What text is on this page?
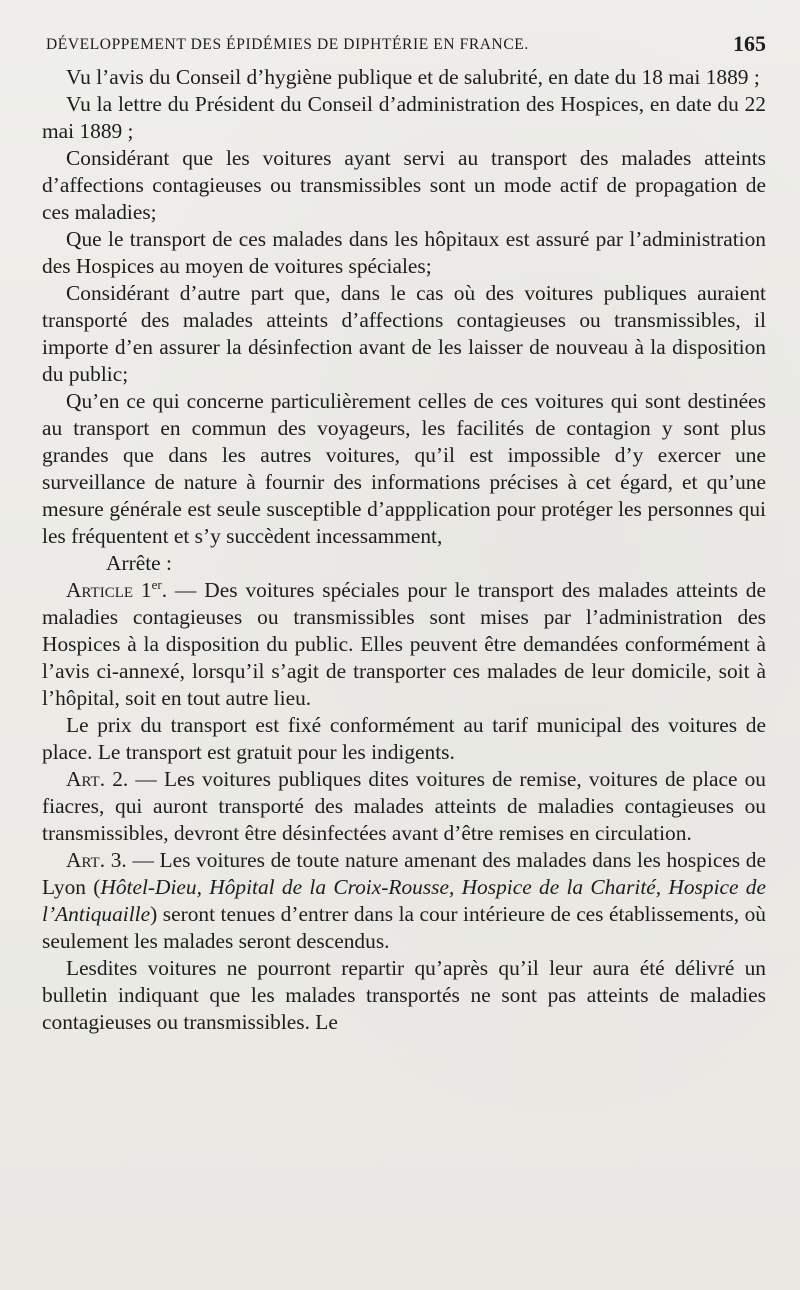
DÉVELOPPEMENT DES ÉPIDÉMIES DE DIPHTÉRIE EN FRANCE.	165

Vu l’avis du Conseil d’hygiène publique et de salubrité, en date du 18 mai 1889 ;

Vu la lettre du Président du Conseil d’administration des Hospices, en date du 22 mai 1889 ;

Considérant que les voitures ayant servi au transport des malades atteints d’affections contagieuses ou transmissibles sont un mode actif de propagation de ces maladies;

Que le transport de ces malades dans les hôpitaux est assuré par l’administration des Hospices au moyen de voitures spéciales;

Considérant d’autre part que, dans le cas où des voitures publiques auraient transporté des malades atteints d’affections contagieuses ou transmissibles, il importe d’en assurer la désinfection avant de les laisser de nouveau à la disposition du public;

Qu’en ce qui concerne particulièrement celles de ces voitures qui sont destinées au transport en commun des voyageurs, les facilités de contagion y sont plus grandes que dans les autres voitures, qu’il est impossible d’y exercer une surveillance de nature à fournir des informations précises à cet égard, et qu’une mesure générale est seule susceptible d’appplication pour protéger les personnes qui les fréquentent et s’y succèdent incessamment,

Arrête :

Article 1er. — Des voitures spéciales pour le transport des malades atteints de maladies contagieuses ou transmissibles sont mises par l’administration des Hospices à la disposition du public. Elles peuvent être demandées conformément à l’avis ci-annexé, lorsqu’il s’agit de transporter ces malades de leur domicile, soit à l’hôpital, soit en tout autre lieu.

Le prix du transport est fixé conformément au tarif municipal des voitures de place. Le transport est gratuit pour les indigents.

Art. 2. — Les voitures publiques dites voitures de remise, voitures de place ou fiacres, qui auront transporté des malades atteints de maladies contagieuses ou transmissibles, devront être désinfectées avant d’être remises en circulation.

Art. 3. — Les voitures de toute nature amenant des malades dans les hospices de Lyon (Hôtel-Dieu, Hôpital de la Croix-Rousse, Hospice de la Charité, Hospice de l’Antiquaille) seront tenues d’entrer dans la cour intérieure de ces établissements, où seulement les malades seront descendus.

Lesdites voitures ne pourront repartir qu’après qu’il leur aura été délivré un bulletin indiquant que les malades transportés ne sont pas atteints de maladies contagieuses ou transmissibles. Le
